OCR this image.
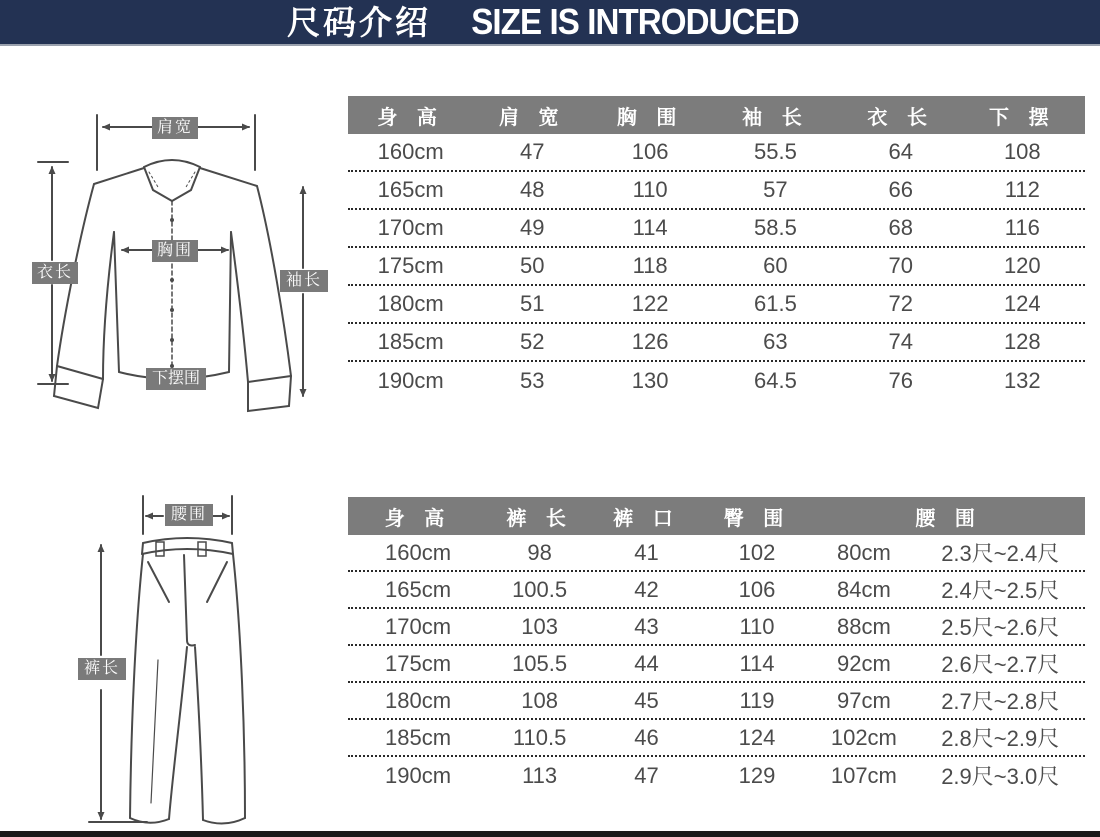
尺码介绍 SIZE IS INTRODUCED
肩宽
胸围
衣长	袖长
下摆围
身 高	肩 宽	胸 围	袖 长	衣 长	下 摆
160cm	47	106	55.5	64	108
165cm	48	110	57	66	112
170cm	49	114	58.5	68	116
175cm	50	118	60	70	120
180cm	51	122	61.5	72	124
185cm	52	126	63	74	128
190cm	53	130	64.5	76	132
腰围
裤长
身 高	裤 长	裤 口	臀 围	腰 围
160cm	98	41	102	80cm	2.3尺~2.4尺
165cm	100.5	42	106	84cm	2.4尺~2.5尺
170cm	103	43	110	88cm	2.5尺~2.6尺
175cm	105.5	44	114	92cm	2.6尺~2.7尺
180cm	108	45	119	97cm	2.7尺~2.8尺
185cm	110.5	46	124	102cm	2.8尺~2.9尺
190cm	113	47	129	107cm	2.9尺~3.0尺
